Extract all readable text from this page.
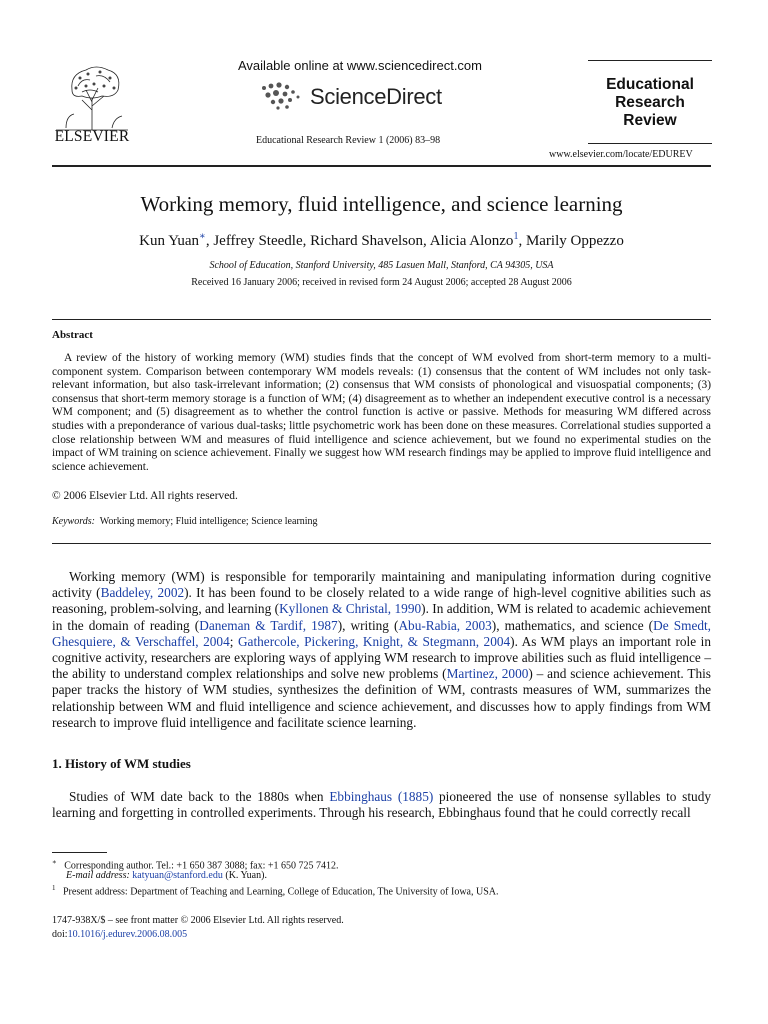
ELSEVIER
Available online at www.sciencedirect.com
ScienceDirect
Educational Research Review 1 (2006) 83–98
Educational
Research
Review
www.elsevier.com/locate/EDUREV
Working memory, fluid intelligence, and science learning
Kun Yuan∗, Jeffrey Steedle, Richard Shavelson, Alicia Alonzo$^1$, Marily Oppezzo
School of Education, Stanford University, 485 Lasuen Mall, Stanford, CA 94305, USA
Received 16 January 2006; received in revised form 24 August 2006; accepted 28 August 2006
Abstract

A review of the history of working memory (WM) studies finds that the concept of WM evolved from short-term memory to a multi-component system. Comparison between contemporary WM models reveals: (1) consensus that the content of WM includes not only task-relevant information, but also task-irrelevant information; (2) consensus that WM consists of phonological and visuospatial components; (3) consensus that short-term memory storage is a function of WM; (4) disagreement as to whether an independent executive control is a necessary WM component; and (5) disagreement as to whether the control function is active or passive. Methods for measuring WM differed across studies with a preponderance of various dual-tasks; little psychometric work has been done on these measures. Correlational studies supported a close relationship between WM and measures of fluid intelligence and science achievement, but we found no experimental studies on the impact of WM training on science achievement. Finally we suggest how WM research findings may be applied to improve fluid intelligence and science achievement.

© 2006 Elsevier Ltd. All rights reserved.
Keywords: Working memory; Fluid intelligence; Science learning

Working memory (WM) is responsible for temporarily maintaining and manipulating information during cognitive activity (Baddeley, 2002). It has been found to be closely related to a wide range of high-level cognitive abilities such as reasoning, problem-solving, and learning (Kyllonen & Christal, 1990). In addition, WM is related to academic achievement in the domain of reading (Daneman & Tardif, 1987), writing (Abu-Rabia, 2003), mathematics, and science (De Smedt, Ghesquiere, & Verschaffel, 2004; Gathercole, Pickering, Knight, & Stegmann, 2004). As WM plays an important role in cognitive activity, researchers are exploring ways of applying WM research to improve abilities such as fluid intelligence – the ability to understand complex relationships and solve new problems (Martinez, 2000) – and science achievement. This paper tracks the history of WM studies, synthesizes the definition of WM, contrasts measures of WM, summarizes the relationship between WM and fluid intelligence and science achievement, and discusses how to apply findings from WM research to improve fluid intelligence and facilitate science learning.

1. History of WM studies

Studies of WM date back to the 1880s when Ebbinghaus (1885) pioneered the use of nonsense syllables to study learning and forgetting in controlled experiments. Through his research, Ebbinghaus found that he could correctly recall

∗ Corresponding author. Tel.: +1 650 387 3088; fax: +1 650 725 7412.
E-mail address: katyuan@stanford.edu (K. Yuan).
$^1$ Present address: Department of Teaching and Learning, College of Education, The University of Iowa, USA.
1747-938X/$ – see front matter © 2006 Elsevier Ltd. All rights reserved.
doi:10.1016/j.edurev.2006.08.005
